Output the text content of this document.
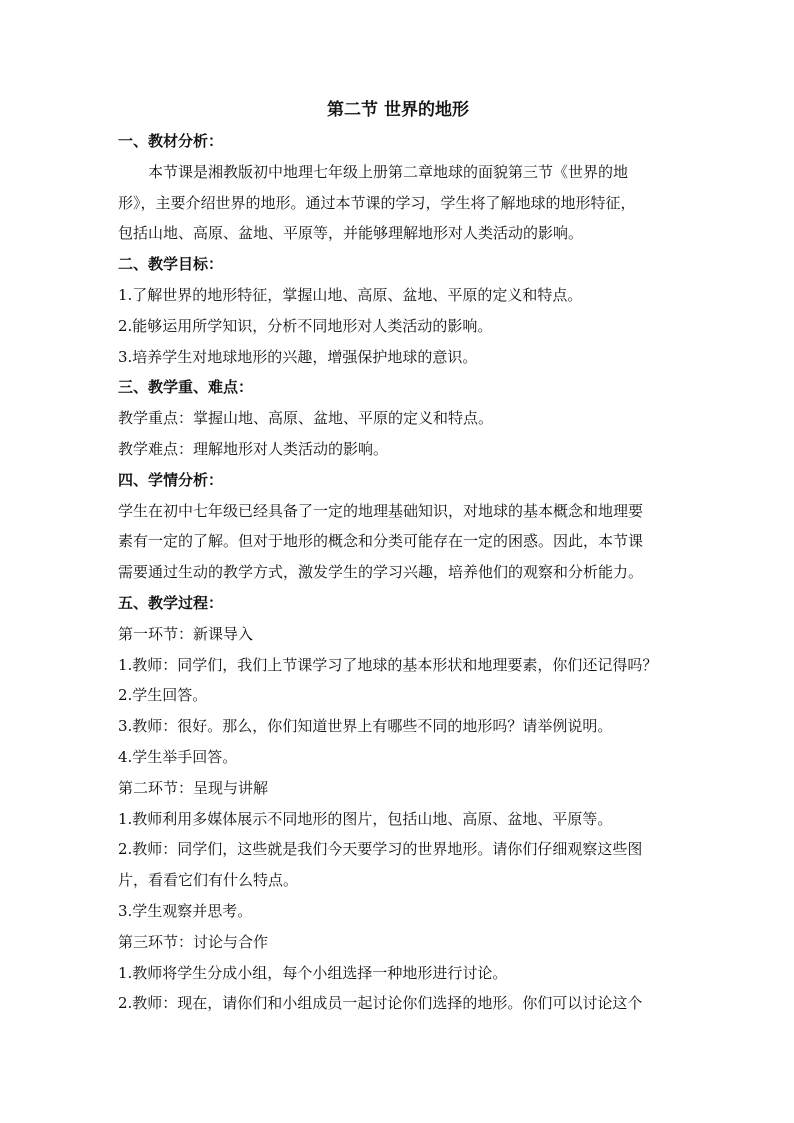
第二节 世界的地形
一、教材分析：
本节课是湘教版初中地理七年级上册第二章地球的面貌第三节《世界的地
形》，主要介绍世界的地形。通过本节课的学习，学生将了解地球的地形特征，
包括山地、高原、盆地、平原等，并能够理解地形对人类活动的影响。
二、教学目标：
1.了解世界的地形特征，掌握山地、高原、盆地、平原的定义和特点。
2.能够运用所学知识，分析不同地形对人类活动的影响。
3.培养学生对地球地形的兴趣，增强保护地球的意识。
三、教学重、难点：
教学重点：掌握山地、高原、盆地、平原的定义和特点。
教学难点：理解地形对人类活动的影响。
四、学情分析：
学生在初中七年级已经具备了一定的地理基础知识，对地球的基本概念和地理要
素有一定的了解。但对于地形的概念和分类可能存在一定的困惑。因此，本节课
需要通过生动的教学方式，激发学生的学习兴趣，培养他们的观察和分析能力。
五、教学过程：
第一环节：新课导入
1.教师：同学们，我们上节课学习了地球的基本形状和地理要素，你们还记得吗？
2.学生回答。
3.教师：很好。那么，你们知道世界上有哪些不同的地形吗？请举例说明。
4.学生举手回答。
第二环节：呈现与讲解
1.教师利用多媒体展示不同地形的图片，包括山地、高原、盆地、平原等。
2.教师：同学们，这些就是我们今天要学习的世界地形。请你们仔细观察这些图
片，看看它们有什么特点。
3.学生观察并思考。
第三环节：讨论与合作
1.教师将学生分成小组，每个小组选择一种地形进行讨论。
2.教师：现在，请你们和小组成员一起讨论你们选择的地形。你们可以讨论这个
